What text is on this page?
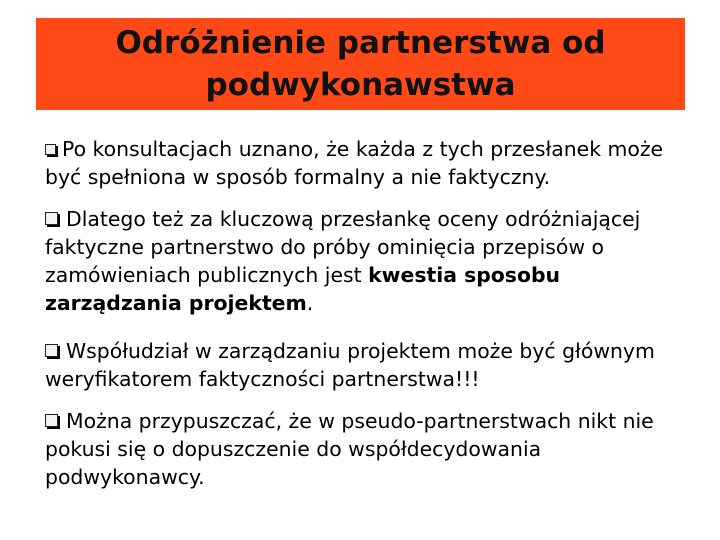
Odróżnienie partnerstwa od podwykonawstwa
Po konsultacjach uznano, że każda z tych przesłanek może być spełniona w sposób formalny a nie faktyczny.
Dlatego też za kluczową przesłankę oceny odróżniającej faktyczne partnerstwo do próby ominięcia przepisów o zamówieniach publicznych jest kwestia sposobu zarządzania projektem.
Współudział w zarządzaniu projektem może być głównym weryfikatorem faktyczności partnerstwa!!!
Można przypuszczać, że w pseudo-partnerstwach nikt nie pokusi się o dopuszczenie do współdecydowania podwykonawcy.
